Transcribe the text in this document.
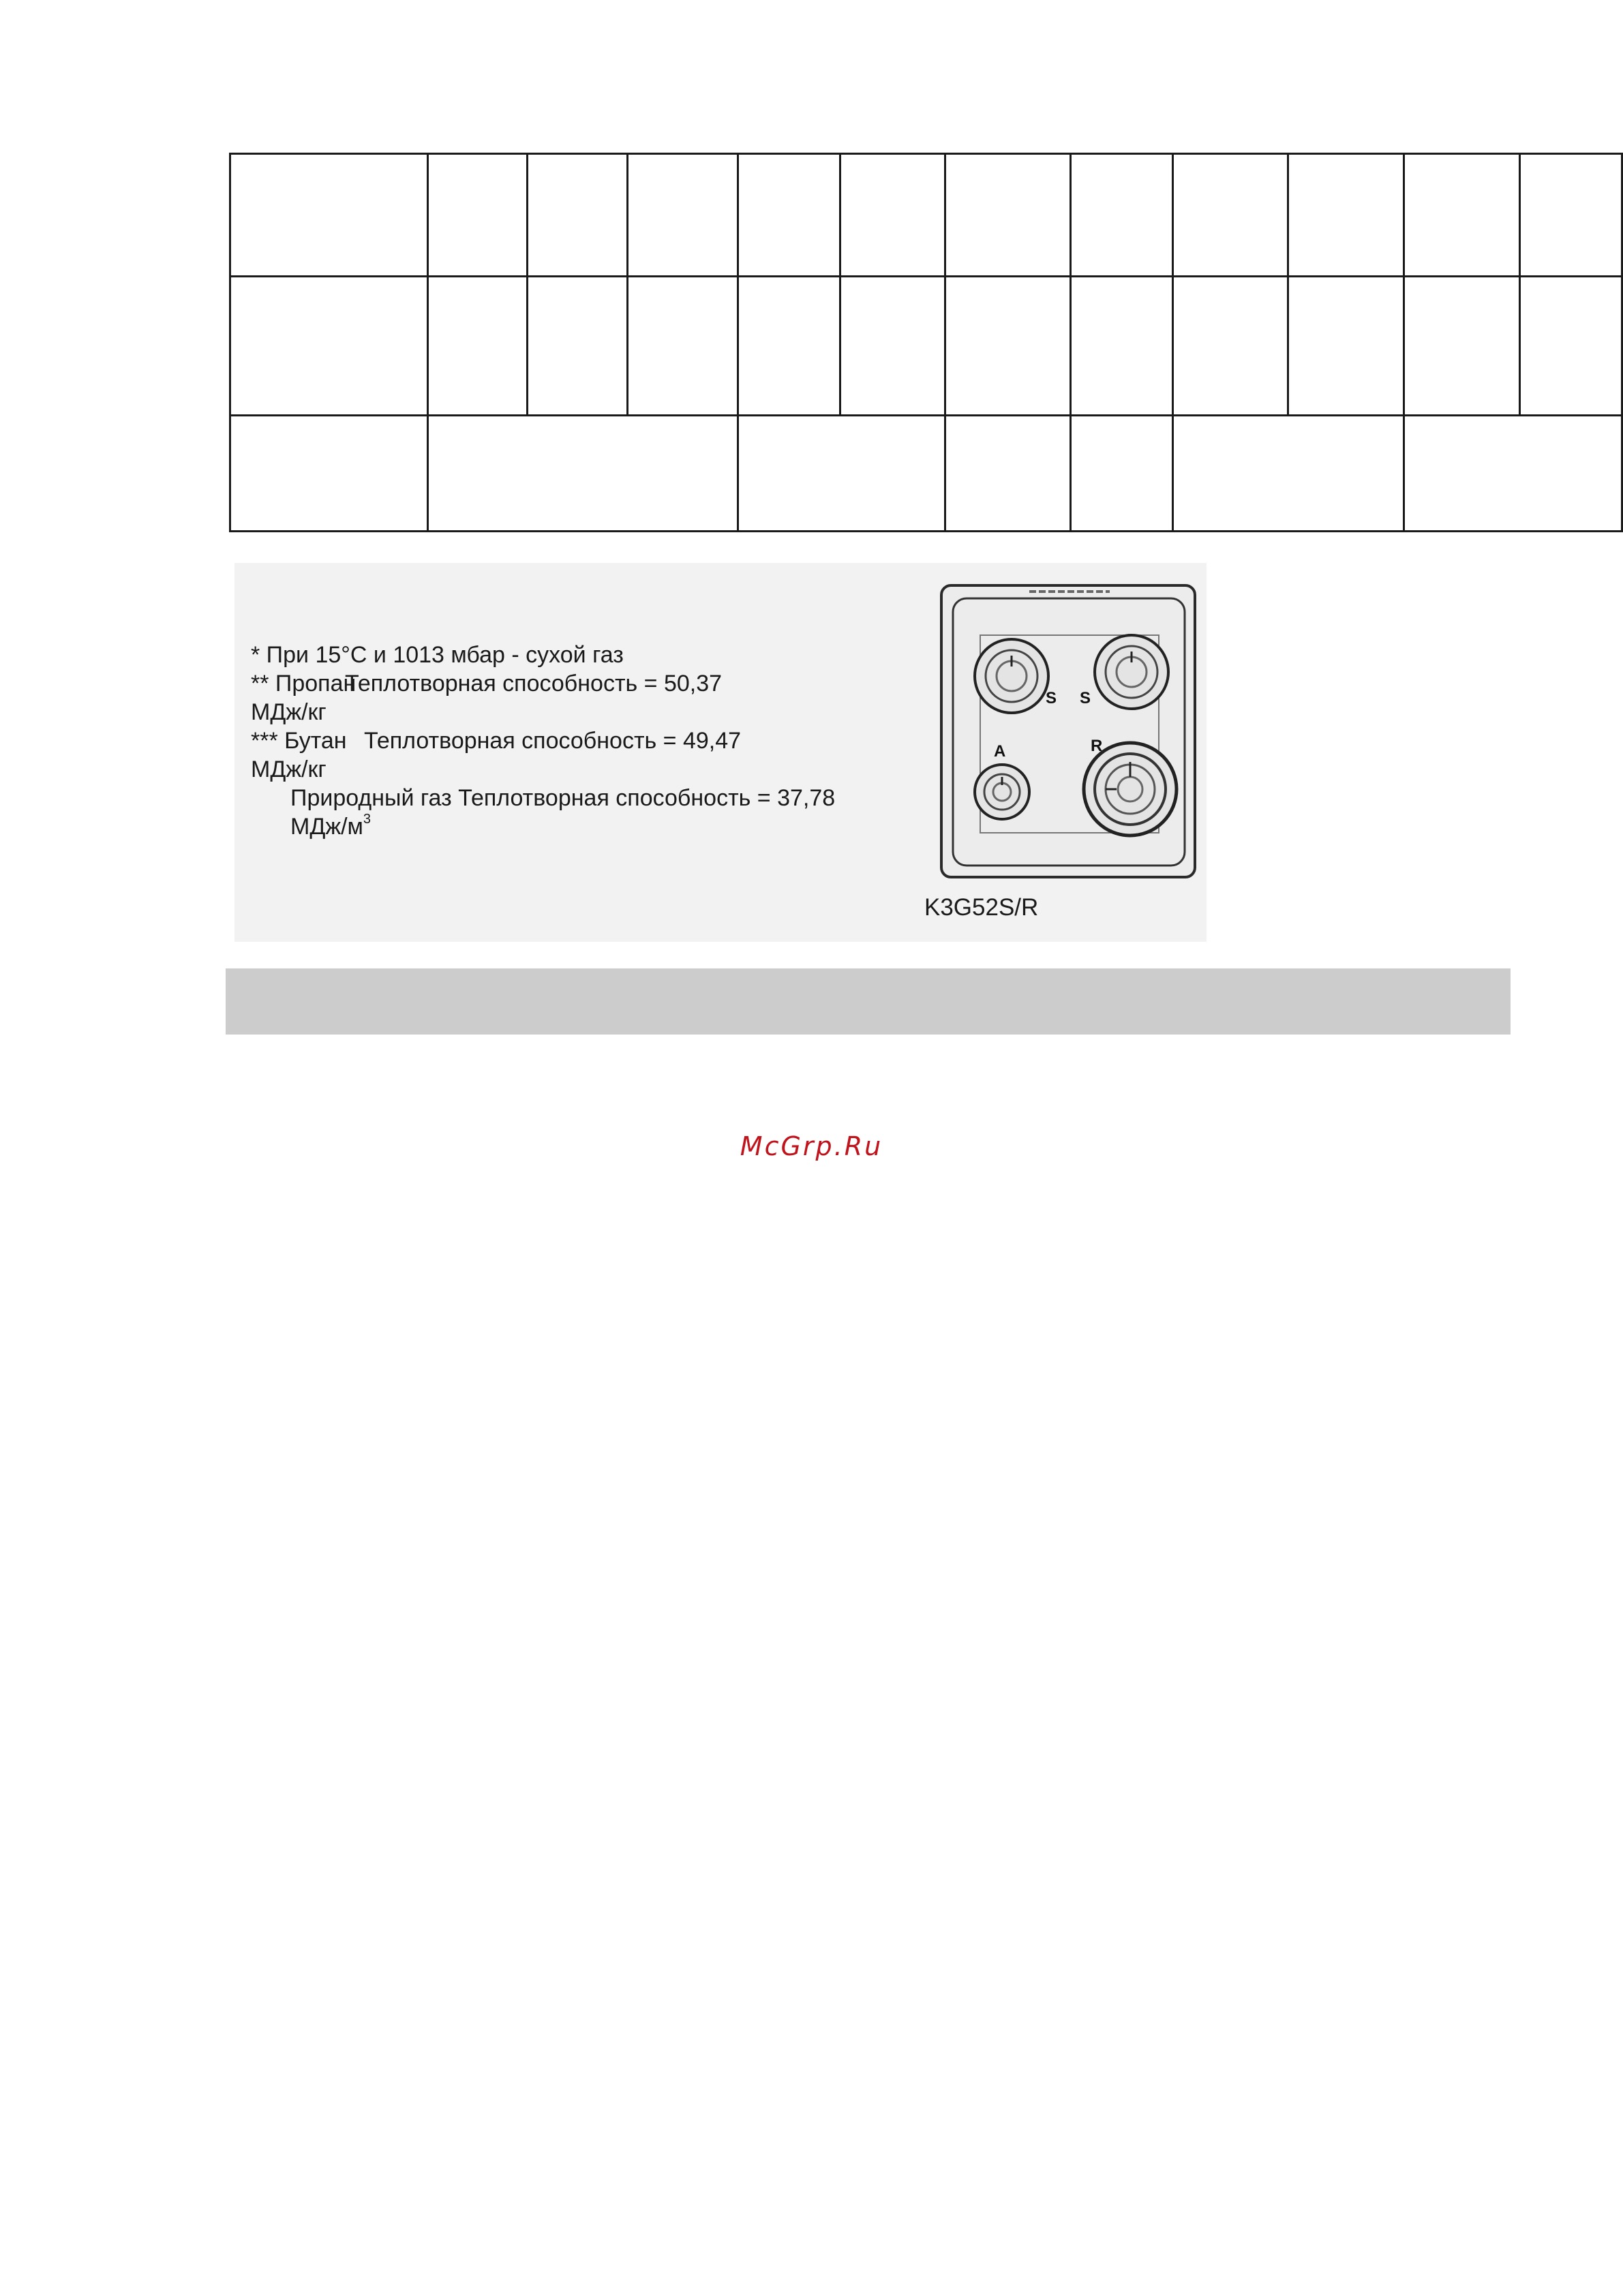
* При 15°C и 1013 мбар - сухой газ
** ПропанТеплотворная способность = 50,37
МДж/кг
*** Бутан Теплотворная способность = 49,47
МДж/кг
Природный газ Теплотворная способность = 37,78
МДж/$м^3$
S S
A	R
K3G52S/R
McGrp.Ru
